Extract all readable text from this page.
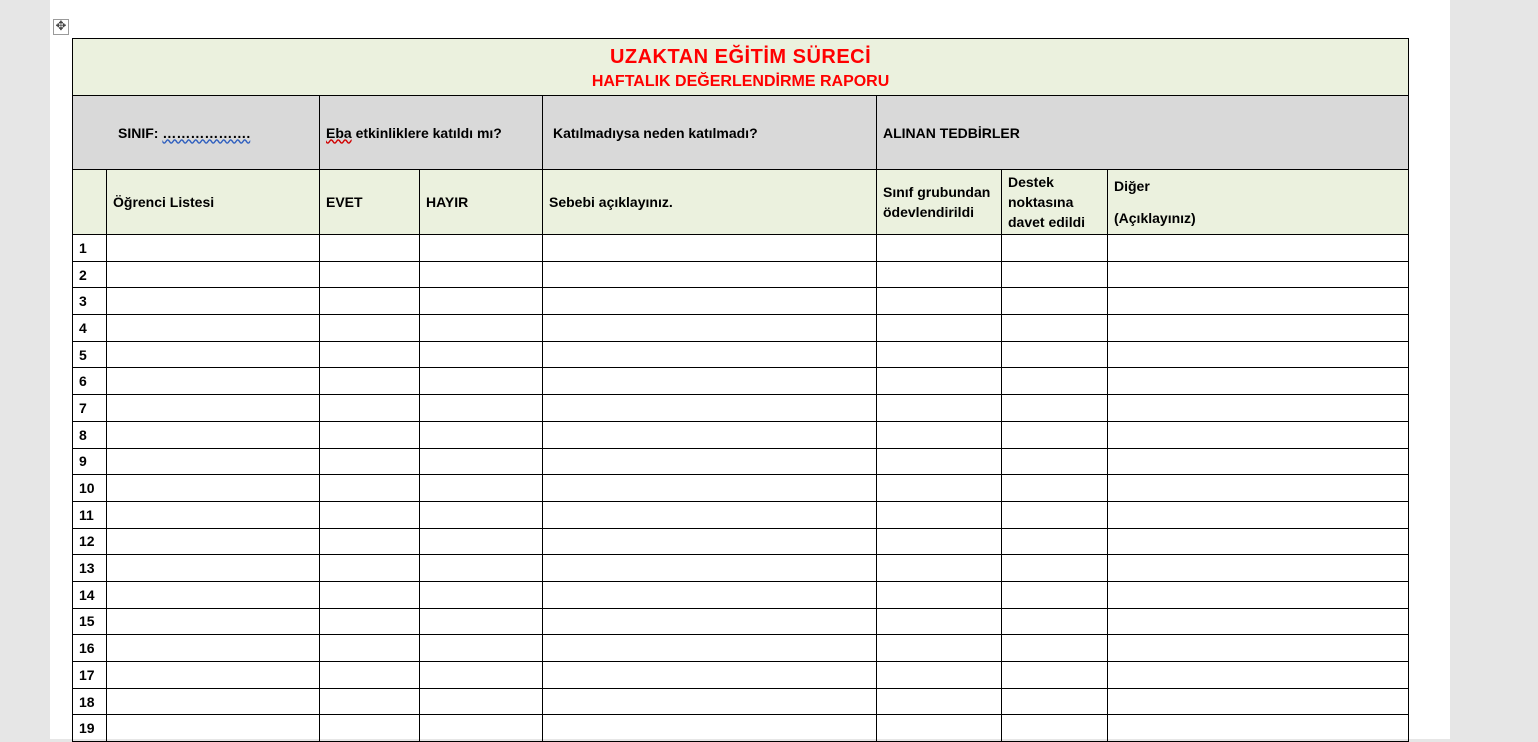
✥
UZAKTAN EĞİTİM SÜRECİ
HAFTALIK DEĞERLENDİRME RAPORU							

SINIF: ……………….		Eba etkinliklere katıldı mı?		Katılmadıysa neden katılmadı?	ALINAN TEDBİRLER		
	Öğrenci Listesi	EVET	HAYIR	Sebebi açıklayınız.	Sınıf grubundan ödevlendirildi	Destek noktasına davet edildi	Diğer
(Açıklayınız)
1							
2							
3							
4							
5							
6							
7							
8							
9							
10							
11							
12							
13							
14							
15							
16							
17							
18							
19							
